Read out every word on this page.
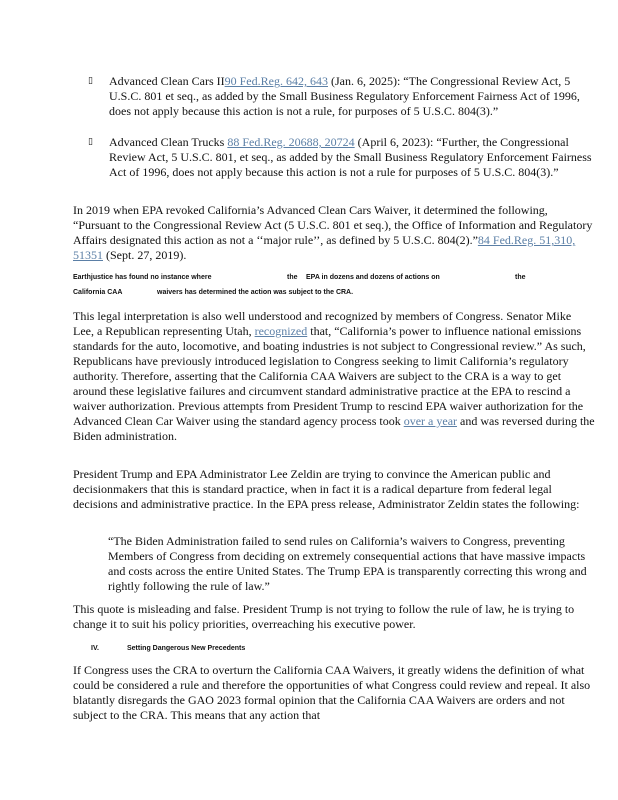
▯ Advanced Clean Cars II90 Fed.Reg. 642, 643 (Jan. 6, 2025): “The Congressional Review Act, 5 U.S.C. 801 et seq., as added by the Small Business Regulatory Enforcement Fairness Act of 1996, does not apply because this action is not a rule, for purposes of 5 U.S.C. 804(3).”
▯ Advanced Clean Trucks 88 Fed.Reg. 20688, 20724 (April 6, 2023): “Further, the Congressional Review Act, 5 U.S.C. 801, et seq., as added by the Small Business Regulatory Enforcement Fairness Act of 1996, does not apply because this action is not a rule for purposes of 5 U.S.C. 804(3).”
In 2019 when EPA revoked California’s Advanced Clean Cars Waiver, it determined the following, “Pursuant to the Congressional Review Act (5 U.S.C. 801 et seq.), the Office of Information and Regulatory Affairs designated this action as not a ‘‘major rule’’, as defined by 5 U.S.C. 804(2).”84 Fed.Reg. 51,310, 51351 (Sept. 27, 2019).
Earthjustice has found no instance where	the EPA in dozens and dozens of actions on	the
California CAA	waivers has determined the action was subject to the CRA.
This legal interpretation is also well understood and recognized by members of Congress. Senator Mike Lee, a Republican representing Utah, recognized that, “California’s power to influence national emissions standards for the auto, locomotive, and boating industries is not subject to Congressional review.” As such, Republicans have previously introduced legislation to Congress seeking to limit California’s regulatory authority. Therefore, asserting that the California CAA Waivers are subject to the CRA is a way to get around these legislative failures and circumvent standard administrative practice at the EPA to rescind a waiver authorization. Previous attempts from President Trump to rescind EPA waiver authorization for the Advanced Clean Car Waiver using the standard agency process took over a year and was reversed during the Biden administration.
President Trump and EPA Administrator Lee Zeldin are trying to convince the American public and decisionmakers that this is standard practice, when in fact it is a radical departure from federal legal decisions and administrative practice. In the EPA press release, Administrator Zeldin states the following:
“The Biden Administration failed to send rules on California’s waivers to Congress, preventing Members of Congress from deciding on extremely consequential actions that have massive impacts and costs across the entire United States. The Trump EPA is transparently correcting this wrong and rightly following the rule of law.”
This quote is misleading and false. President Trump is not trying to follow the rule of law, he is trying to change it to suit his policy priorities, overreaching his executive power.
IV.	Setting Dangerous New Precedents
If Congress uses the CRA to overturn the California CAA Waivers, it greatly widens the definition of what could be considered a rule and therefore the opportunities of what Congress could review and repeal. It also blatantly disregards the GAO 2023 formal opinion that the California CAA Waivers are orders and not subject to the CRA. This means that any action that
